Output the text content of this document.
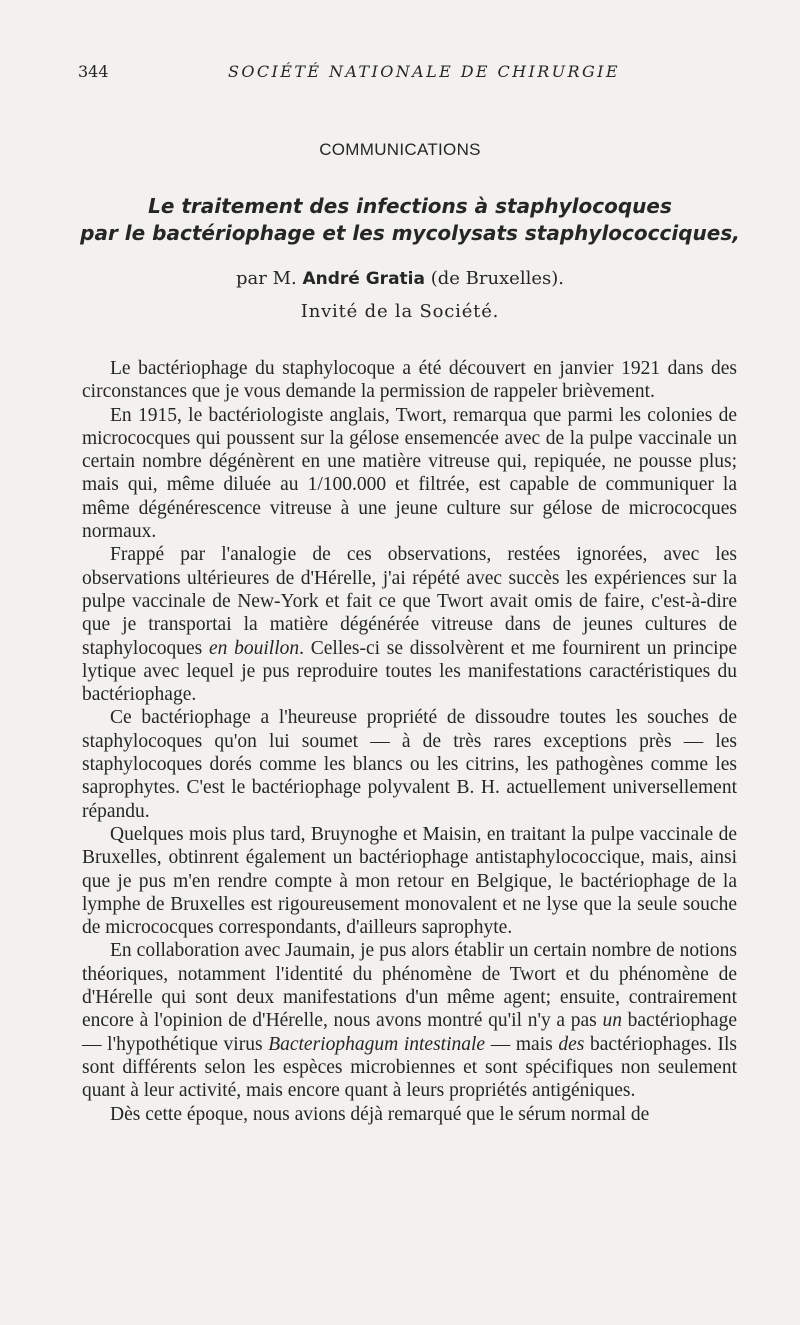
344	SOCIÉTÉ NATIONALE DE CHIRURGIE
COMMUNICATIONS
Le traitement des infections à staphylocoques
par le bactériophage et les mycolysats staphylococciques,
par M. André Gratia (de Bruxelles).
Invité de la Société.

Le bactériophage du staphylocoque a été découvert en janvier 1921 dans des circonstances que je vous demande la permission de rappeler brièvement.

En 1915, le bactériologiste anglais, Twort, remarqua que parmi les colonies de micrococques qui poussent sur la gélose ensemencée avec de la pulpe vaccinale un certain nombre dégénèrent en une matière vitreuse qui, repiquée, ne pousse plus; mais qui, même diluée au 1/100.000 et filtrée, est capable de communiquer la même dégénérescence vitreuse à une jeune culture sur gélose de micrococques normaux.

Frappé par l'analogie de ces observations, restées ignorées, avec les observations ultérieures de d'Hérelle, j'ai répété avec succès les expériences sur la pulpe vaccinale de New-York et fait ce que Twort avait omis de faire, c'est-à-dire que je transportai la matière dégénérée vitreuse dans de jeunes cultures de staphylocoques en bouillon. Celles-ci se dissolvèrent et me fournirent un principe lytique avec lequel je pus reproduire toutes les manifestations caractéristiques du bactériophage.

Ce bactériophage a l'heureuse propriété de dissoudre toutes les souches de staphylocoques qu'on lui soumet — à de très rares exceptions près — les staphylocoques dorés comme les blancs ou les citrins, les pathogènes comme les saprophytes. C'est le bactériophage polyvalent B. H. actuellement universellement répandu.

Quelques mois plus tard, Bruynoghe et Maisin, en traitant la pulpe vaccinale de Bruxelles, obtinrent également un bactériophage antistaphylococcique, mais, ainsi que je pus m'en rendre compte à mon retour en Belgique, le bactériophage de la lymphe de Bruxelles est rigoureusement monovalent et ne lyse que la seule souche de micrococques correspondants, d'ailleurs saprophyte.

En collaboration avec Jaumain, je pus alors établir un certain nombre de notions théoriques, notamment l'identité du phénomène de Twort et du phénomène de d'Hérelle qui sont deux manifestations d'un même agent; ensuite, contrairement encore à l'opinion de d'Hérelle, nous avons montré qu'il n'y a pas un bactériophage — l'hypothétique virus Bacteriophagum intestinale — mais des bactériophages. Ils sont différents selon les espèces microbiennes et sont spécifiques non seulement quant à leur activité, mais encore quant à leurs propriétés antigéniques.

Dès cette époque, nous avions déjà remarqué que le sérum normal de
